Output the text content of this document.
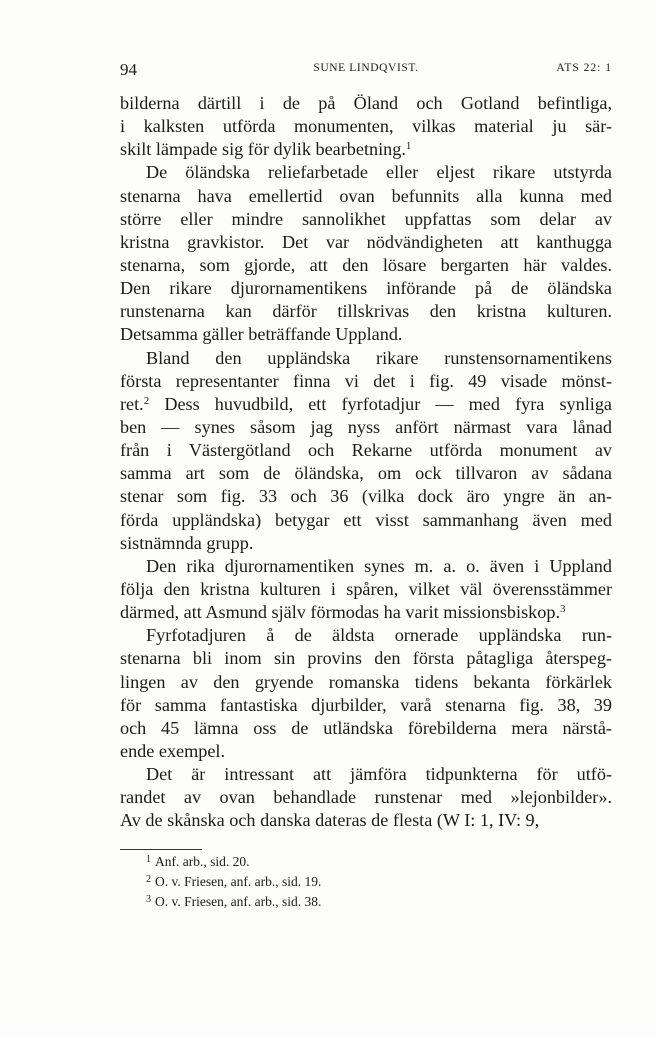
94	SUNE LINDQVIST.	ATS 22: 1
bilderna därtill i de på Öland och Gotland befintliga,
i kalksten utförda monumenten, vilkas material ju sär-
skilt lämpade sig för dylik bearbetning.$^1$
De öländska reliefarbetade eller eljest rikare utstyrda
stenarna hava emellertid ovan befunnits alla kunna med
större eller mindre sannolikhet uppfattas som delar av
kristna gravkistor. Det var nödvändigheten att kanthugga
stenarna, som gjorde, att den lösare bergarten här valdes.
Den rikare djurornamentikens införande på de öländska
runstenarna kan därför tillskrivas den kristna kulturen.
Detsamma gäller beträffande Uppland.
Bland den uppländska rikare runstensornamentikens
första representanter finna vi det i fig. 49 visade mönst-
ret.$^2$ Dess huvudbild, ett fyrfotadjur — med fyra synliga
ben — synes såsom jag nyss anfört närmast vara lånad
från i Västergötland och Rekarne utförda monument av
samma art som de öländska, om ock tillvaron av sådana
stenar som fig. 33 och 36 (vilka dock äro yngre än an-
förda uppländska) betygar ett visst sammanhang även med
sistnämnda grupp.
Den rika djurornamentiken synes m. a. o. även i Uppland
följa den kristna kulturen i spåren, vilket väl överensstämmer
därmed, att Asmund själv förmodas ha varit missionsbiskop.$^3$
Fyrfotadjuren å de äldsta ornerade uppländska run-
stenarna bli inom sin provins den första påtagliga återspeg-
lingen av den gryende romanska tidens bekanta förkärlek
för samma fantastiska djurbilder, varå stenarna fig. 38, 39
och 45 lämna oss de utländska förebilderna mera närstå-
ende exempel.
Det är intressant att jämföra tidpunkterna för utfö-
randet av ovan behandlade runstenar med »lejonbilder».
Av de skånska och danska dateras de flesta (W I: 1, IV: 9,
$^1$ Anf. arb., sid. 20.
$^2$ O. v. Friesen, anf. arb., sid. 19.
$^3$ O. v. Friesen, anf. arb., sid. 38.
